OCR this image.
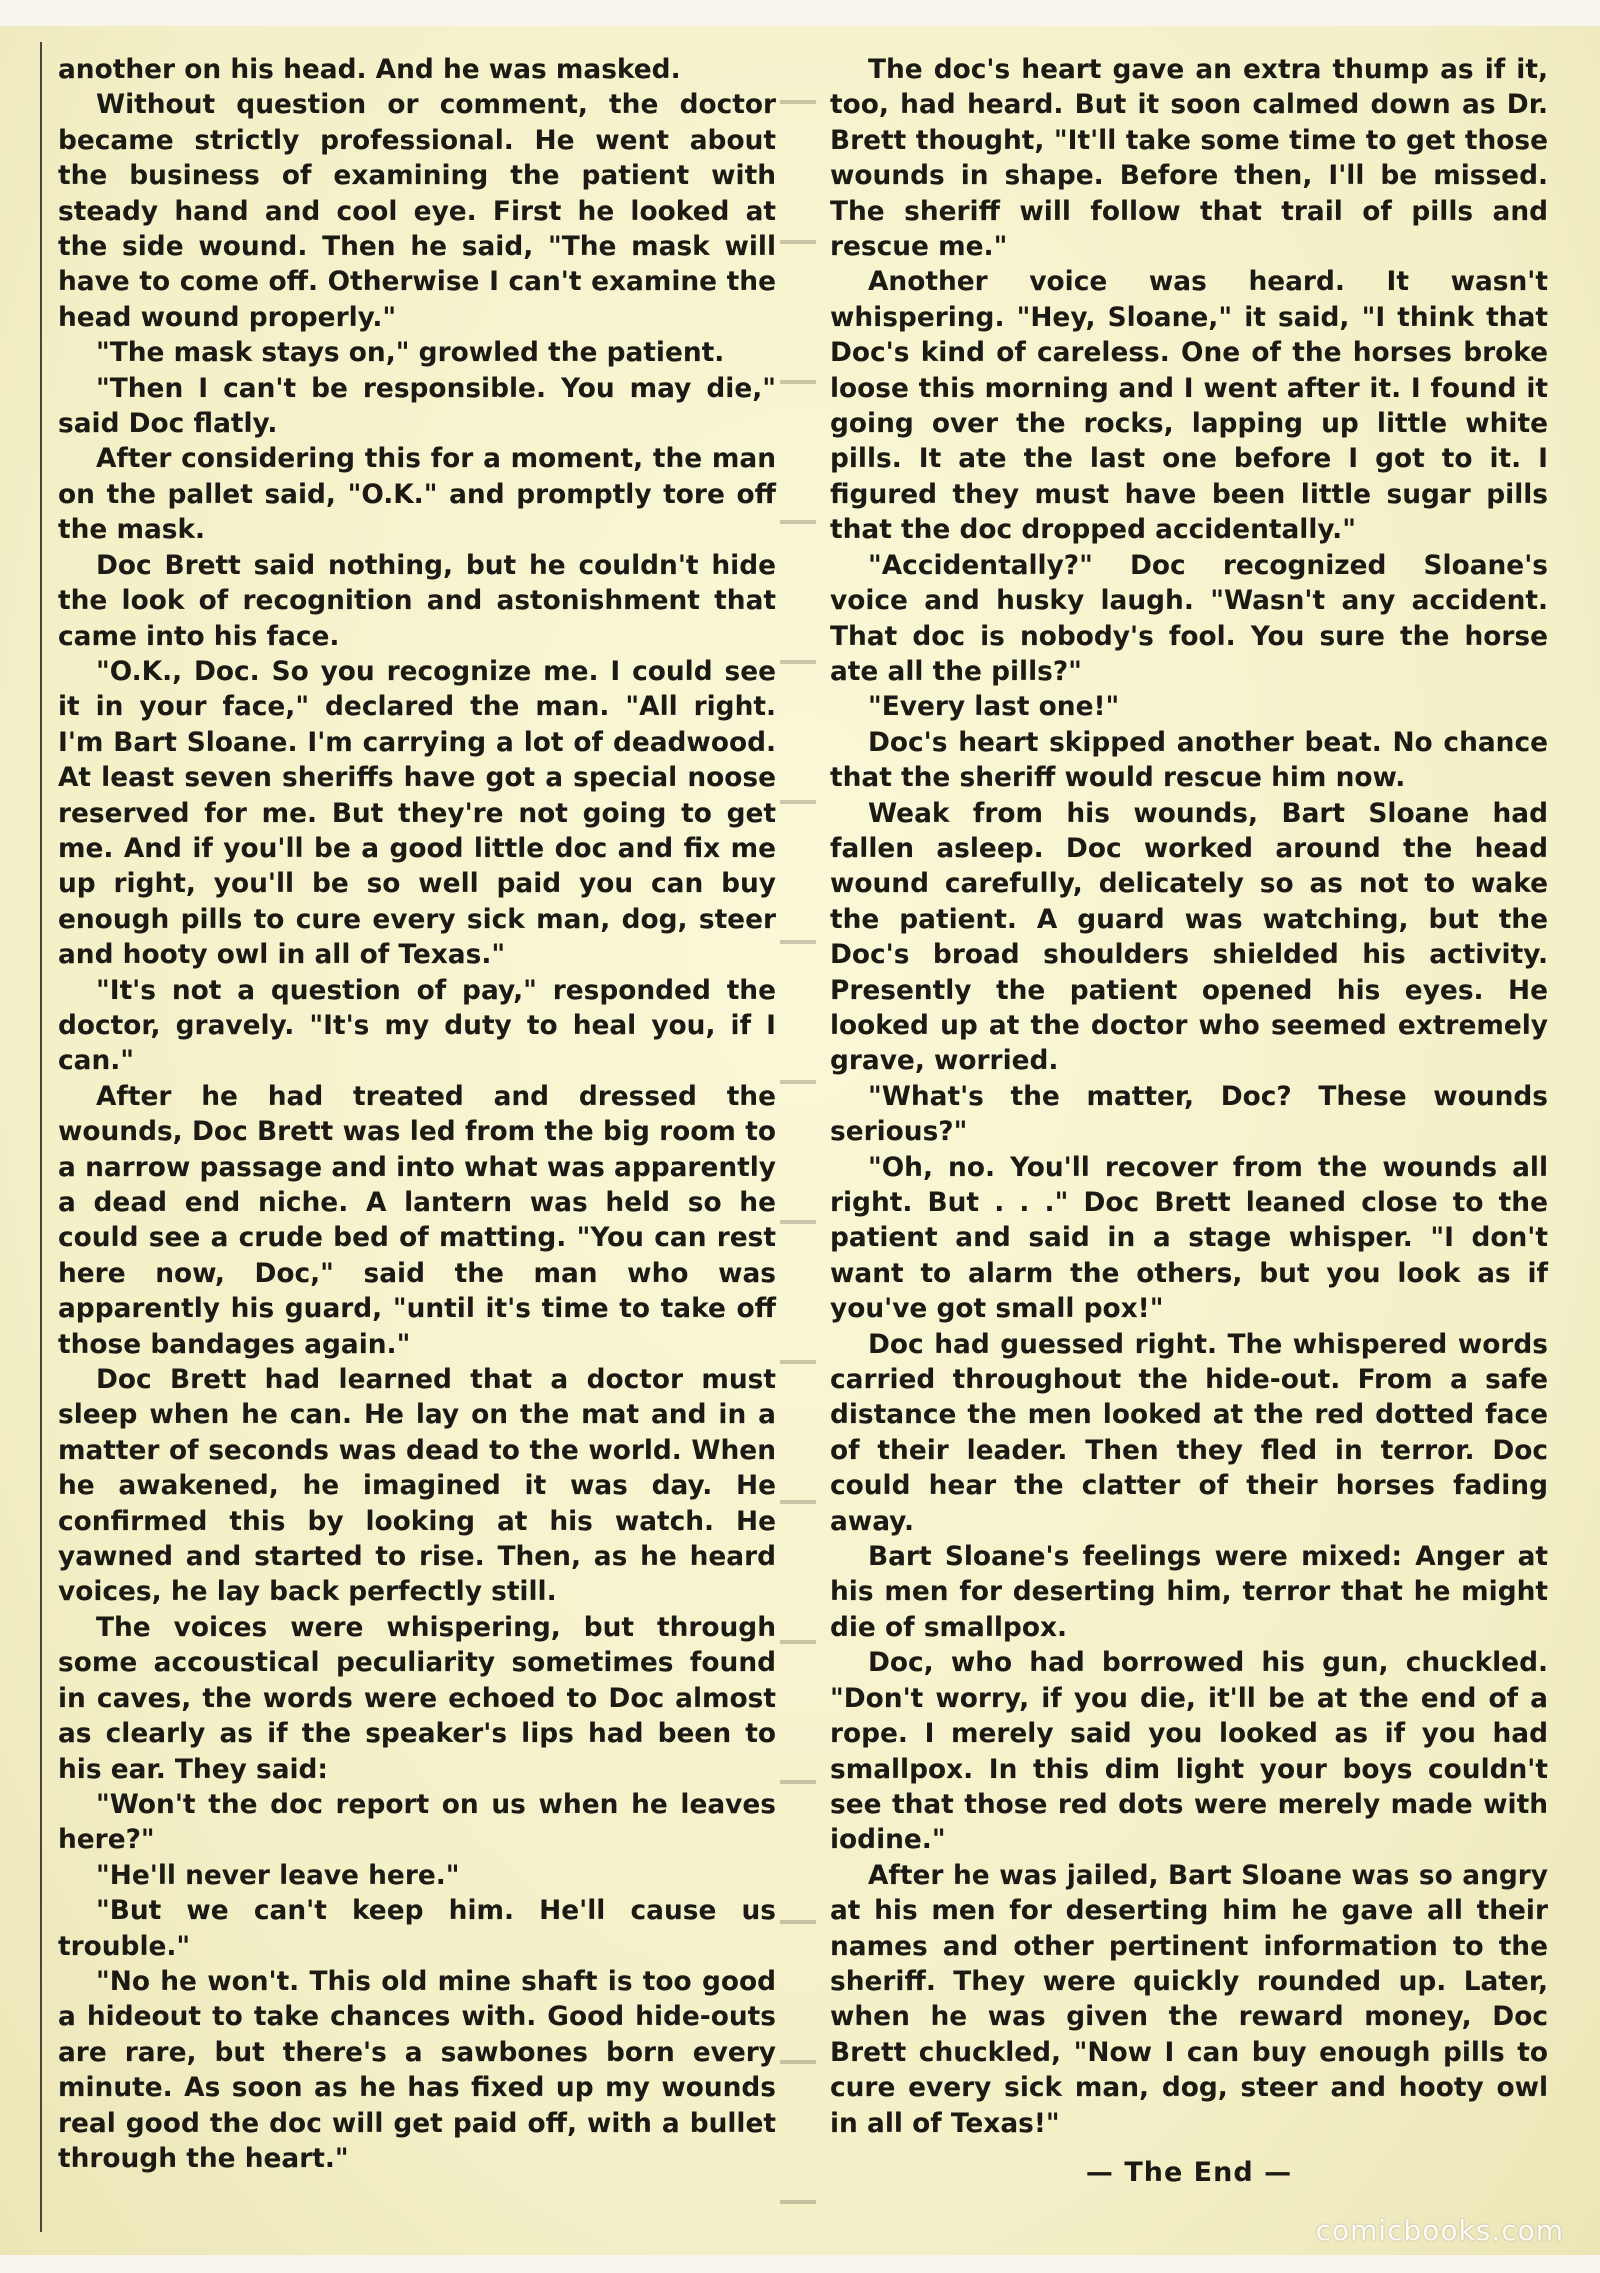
another on his head. And he was masked.

Without question or comment, the doctor became strictly professional. He went about the business of examining the patient with steady hand and cool eye. First he looked at the side wound. Then he said, "The mask will have to come off. Otherwise I can't examine the head wound properly."

"The mask stays on," growled the patient.

"Then I can't be responsible. You may die," said Doc flatly.

After considering this for a moment, the man on the pallet said, "O.K." and promptly tore off the mask.

Doc Brett said nothing, but he couldn't hide the look of recognition and astonishment that came into his face.

"O.K., Doc. So you recognize me. I could see it in your face," declared the man. "All right. I'm Bart Sloane. I'm carrying a lot of deadwood. At least seven sheriffs have got a special noose reserved for me. But they're not going to get me. And if you'll be a good little doc and fix me up right, you'll be so well paid you can buy enough pills to cure every sick man, dog, steer and hooty owl in all of Texas."

"It's not a question of pay," responded the doctor, gravely. "It's my duty to heal you, if I can."

After he had treated and dressed the wounds, Doc Brett was led from the big room to a narrow passage and into what was apparently a dead end niche. A lantern was held so he could see a crude bed of matting. "You can rest here now, Doc," said the man who was apparently his guard, "until it's time to take off those bandages again."

Doc Brett had learned that a doctor must sleep when he can. He lay on the mat and in a matter of seconds was dead to the world. When he awakened, he imagined it was day. He confirmed this by looking at his watch. He yawned and started to rise. Then, as he heard voices, he lay back perfectly still.

The voices were whispering, but through some accoustical peculiarity sometimes found in caves, the words were echoed to Doc almost as clearly as if the speaker's lips had been to his ear. They said:

"Won't the doc report on us when he leaves here?"

"He'll never leave here."

"But we can't keep him. He'll cause us trouble."

"No he won't. This old mine shaft is too good a hideout to take chances with. Good hide-outs are rare, but there's a sawbones born every minute. As soon as he has fixed up my wounds real good the doc will get paid off, with a bullet through the heart."

The doc's heart gave an extra thump as if it, too, had heard. But it soon calmed down as Dr. Brett thought, "It'll take some time to get those wounds in shape. Before then, I'll be missed. The sheriff will follow that trail of pills and rescue me."

Another voice was heard. It wasn't whispering. "Hey, Sloane," it said, "I think that Doc's kind of careless. One of the horses broke loose this morning and I went after it. I found it going over the rocks, lapping up little white pills. It ate the last one before I got to it. I figured they must have been little sugar pills that the doc dropped accidentally."

"Accidentally?" Doc recognized Sloane's voice and husky laugh. "Wasn't any accident. That doc is nobody's fool. You sure the horse ate all the pills?"

"Every last one!"

Doc's heart skipped another beat. No chance that the sheriff would rescue him now.

Weak from his wounds, Bart Sloane had fallen asleep. Doc worked around the head wound carefully, delicately so as not to wake the patient. A guard was watching, but the Doc's broad shoulders shielded his activity. Presently the patient opened his eyes. He looked up at the doctor who seemed extremely grave, worried.

"What's the matter, Doc? These wounds serious?"

"Oh, no. You'll recover from the wounds all right. But . . ." Doc Brett leaned close to the patient and said in a stage whisper. "I don't want to alarm the others, but you look as if you've got small pox!"

Doc had guessed right. The whispered words carried throughout the hide-out. From a safe distance the men looked at the red dotted face of their leader. Then they fled in terror. Doc could hear the clatter of their horses fading away.

Bart Sloane's feelings were mixed: Anger at his men for deserting him, terror that he might die of smallpox.

Doc, who had borrowed his gun, chuckled. "Don't worry, if you die, it'll be at the end of a rope. I merely said you looked as if you had smallpox. In this dim light your boys couldn't see that those red dots were merely made with iodine."

After he was jailed, Bart Sloane was so angry at his men for deserting him he gave all their names and other pertinent information to the sheriff. They were quickly rounded up. Later, when he was given the reward money, Doc Brett chuckled, "Now I can buy enough pills to cure every sick man, dog, steer and hooty owl in all of Texas!"

— The End —

comicbooks.com
